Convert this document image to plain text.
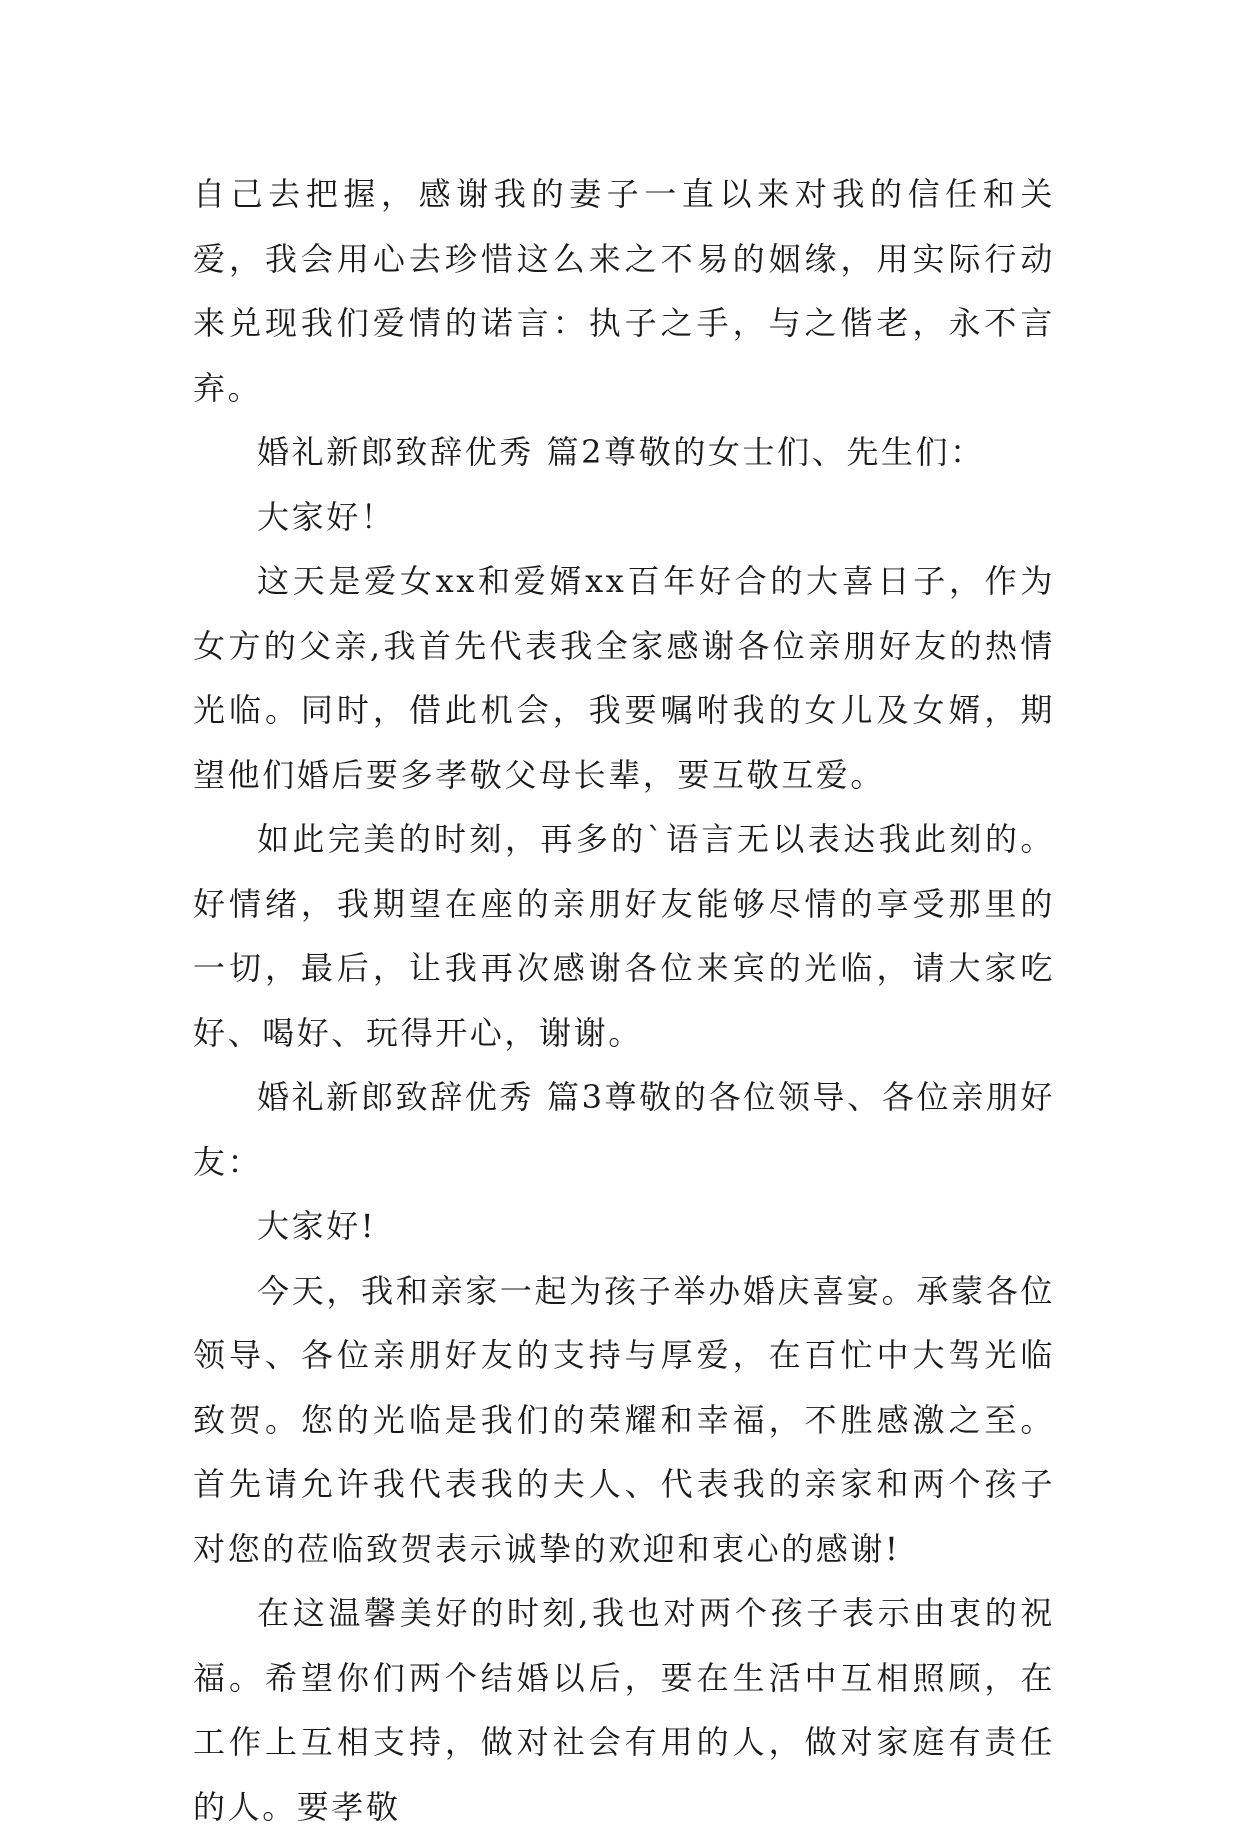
自己去把握，感谢我的妻子一直以来对我的信任和关爱，我会用心去珍惜这么来之不易的姻缘，用实际行动来兑现我们爱情的诺言：执子之手，与之偕老，永不言弃。

婚礼新郎致辞优秀 篇2尊敬的女士们、先生们：

大家好！

这天是爱女xx和爱婿xx百年好合的大喜日子，作为女方的父亲,我首先代表我全家感谢各位亲朋好友的热情光临。同时，借此机会，我要嘱咐我的女儿及女婿，期望他们婚后要多孝敬父母长辈，要互敬互爱。

如此完美的时刻，再多的`语言无以表达我此刻的。好情绪，我期望在座的亲朋好友能够尽情的享受那里的一切，最后，让我再次感谢各位来宾的光临，请大家吃好、喝好、玩得开心，谢谢。

婚礼新郎致辞优秀 篇3尊敬的各位领导、各位亲朋好友：

大家好!

今天，我和亲家一起为孩子举办婚庆喜宴。承蒙各位领导、各位亲朋好友的支持与厚爱，在百忙中大驾光临致贺。您的光临是我们的荣耀和幸福，不胜感激之至。首先请允许我代表我的夫人、代表我的亲家和两个孩子对您的莅临致贺表示诚挚的欢迎和衷心的感谢!

在这温馨美好的时刻,我也对两个孩子表示由衷的祝福。希望你们两个结婚以后，要在生活中互相照顾，在工作上互相支持，做对社会有用的人，做对家庭有责任的人。要孝敬
